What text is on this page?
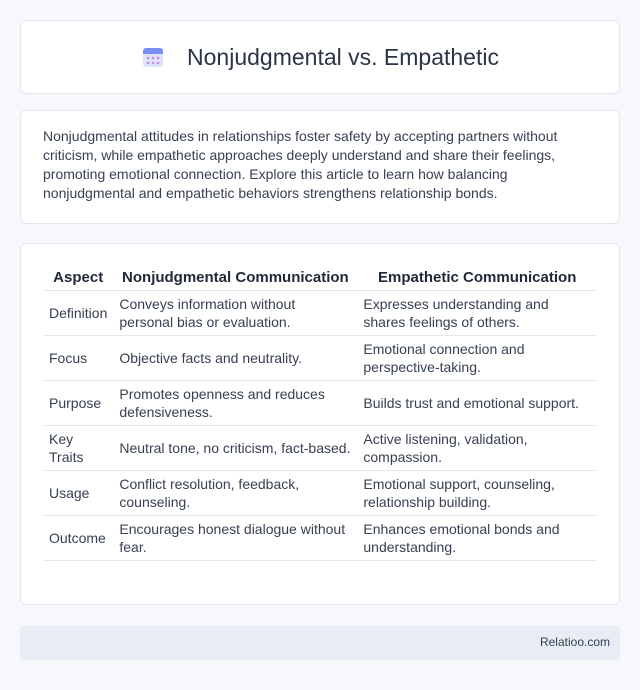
Nonjudgmental vs. Empathetic

Nonjudgmental attitudes in relationships foster safety by accepting partners without criticism, while empathetic approaches deeply understand and share their feelings, promoting emotional connection. Explore this article to learn how balancing nonjudgmental and empathetic behaviors strengthens relationship bonds.

Aspect	Nonjudgmental Communication	Empathetic Communication
Definition	Conveys information without personal bias or evaluation.	Expresses understanding and shares feelings of others.
Focus	Objective facts and neutrality.	Emotional connection and perspective-taking.
Purpose	Promotes openness and reduces defensiveness.	Builds trust and emotional support.
Key Traits	Neutral tone, no criticism, fact-based.	Active listening, validation, compassion.
Usage	Conflict resolution, feedback, counseling.	Emotional support, counseling, relationship building.
Outcome	Encourages honest dialogue without fear.	Enhances emotional bonds and understanding.
Relatioo.com
